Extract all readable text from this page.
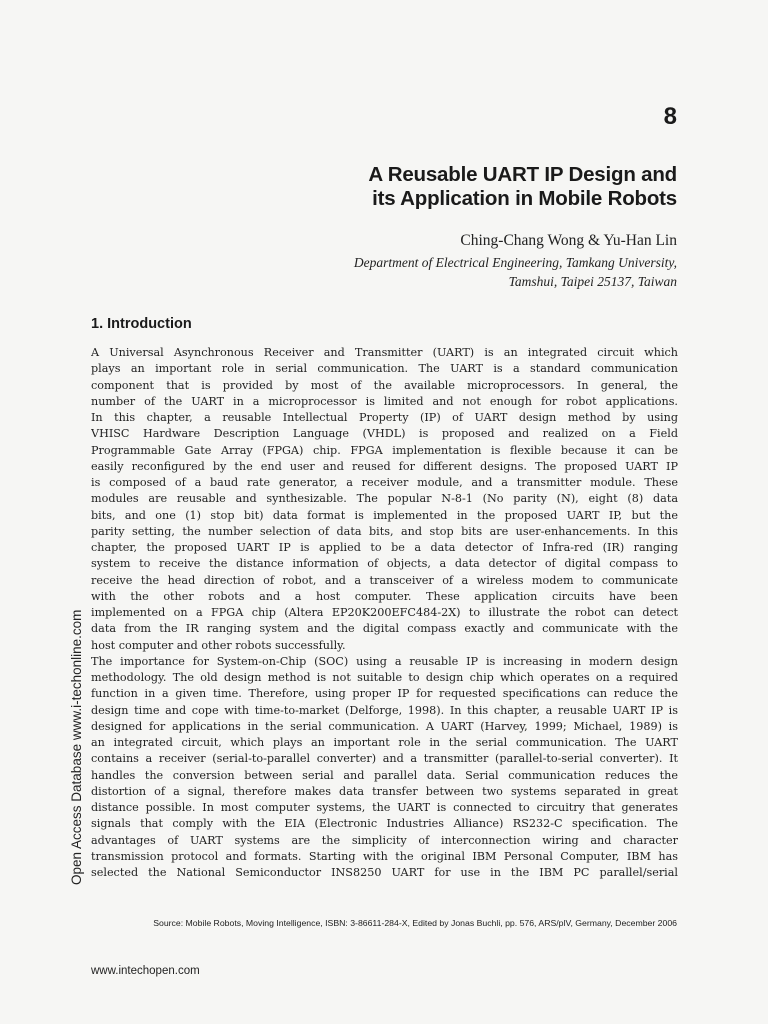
8
A Reusable UART IP Design and
its Application in Mobile Robots
Ching-Chang Wong & Yu-Han Lin
Department of Electrical Engineering, Tamkang University,
Tamshui, Taipei 25137, Taiwan
1. Introduction
A Universal Asynchronous Receiver and Transmitter (UART) is an integrated circuit which
plays an important role in serial communication. The UART is a standard communication
component that is provided by most of the available microprocessors. In general, the
number of the UART in a microprocessor is limited and not enough for robot applications.
In this chapter, a reusable Intellectual Property (IP) of UART design method by using
VHISC Hardware Description Language (VHDL) is proposed and realized on a Field
Programmable Gate Array (FPGA) chip. FPGA implementation is flexible because it can be
easily reconfigured by the end user and reused for different designs. The proposed UART IP
is composed of a baud rate generator, a receiver module, and a transmitter module. These
modules are reusable and synthesizable. The popular N-8-1 (No parity (N), eight (8) data
bits, and one (1) stop bit) data format is implemented in the proposed UART IP, but the
parity setting, the number selection of data bits, and stop bits are user-enhancements. In this
chapter, the proposed UART IP is applied to be a data detector of Infra-red (IR) ranging
system to receive the distance information of objects, a data detector of digital compass to
receive the head direction of robot, and a transceiver of a wireless modem to communicate
with the other robots and a host computer. These application circuits have been
implemented on a FPGA chip (Altera EP20K200EFC484-2X) to illustrate the robot can detect
data from the IR ranging system and the digital compass exactly and communicate with the
host computer and other robots successfully.
The importance for System-on-Chip (SOC) using a reusable IP is increasing in modern design
methodology. The old design method is not suitable to design chip which operates on a required
function in a given time. Therefore, using proper IP for requested specifications can reduce the
design time and cope with time-to-market (Delforge, 1998). In this chapter, a reusable UART IP is
designed for applications in the serial communication. A UART (Harvey, 1999; Michael, 1989) is
an integrated circuit, which plays an important role in the serial communication. The UART
contains a receiver (serial-to-parallel converter) and a transmitter (parallel-to-serial converter). It
handles the conversion between serial and parallel data. Serial communication reduces the
distortion of a signal, therefore makes data transfer between two systems separated in great
distance possible. In most computer systems, the UART is connected to circuitry that generates
signals that comply with the EIA (Electronic Industries Alliance) RS232-C specification. The
advantages of UART systems are the simplicity of interconnection wiring and character
transmission protocol and formats. Starting with the original IBM Personal Computer, IBM has
selected the National Semiconductor INS8250 UART for use in the IBM PC parallel/serial
Open Access Database www.i-techonline.com
Source: Mobile Robots, Moving Intelligence, ISBN: 3-86611-284-X, Edited by Jonas Buchli, pp. 576, ARS/plV, Germany, December 2006
www.intechopen.com
